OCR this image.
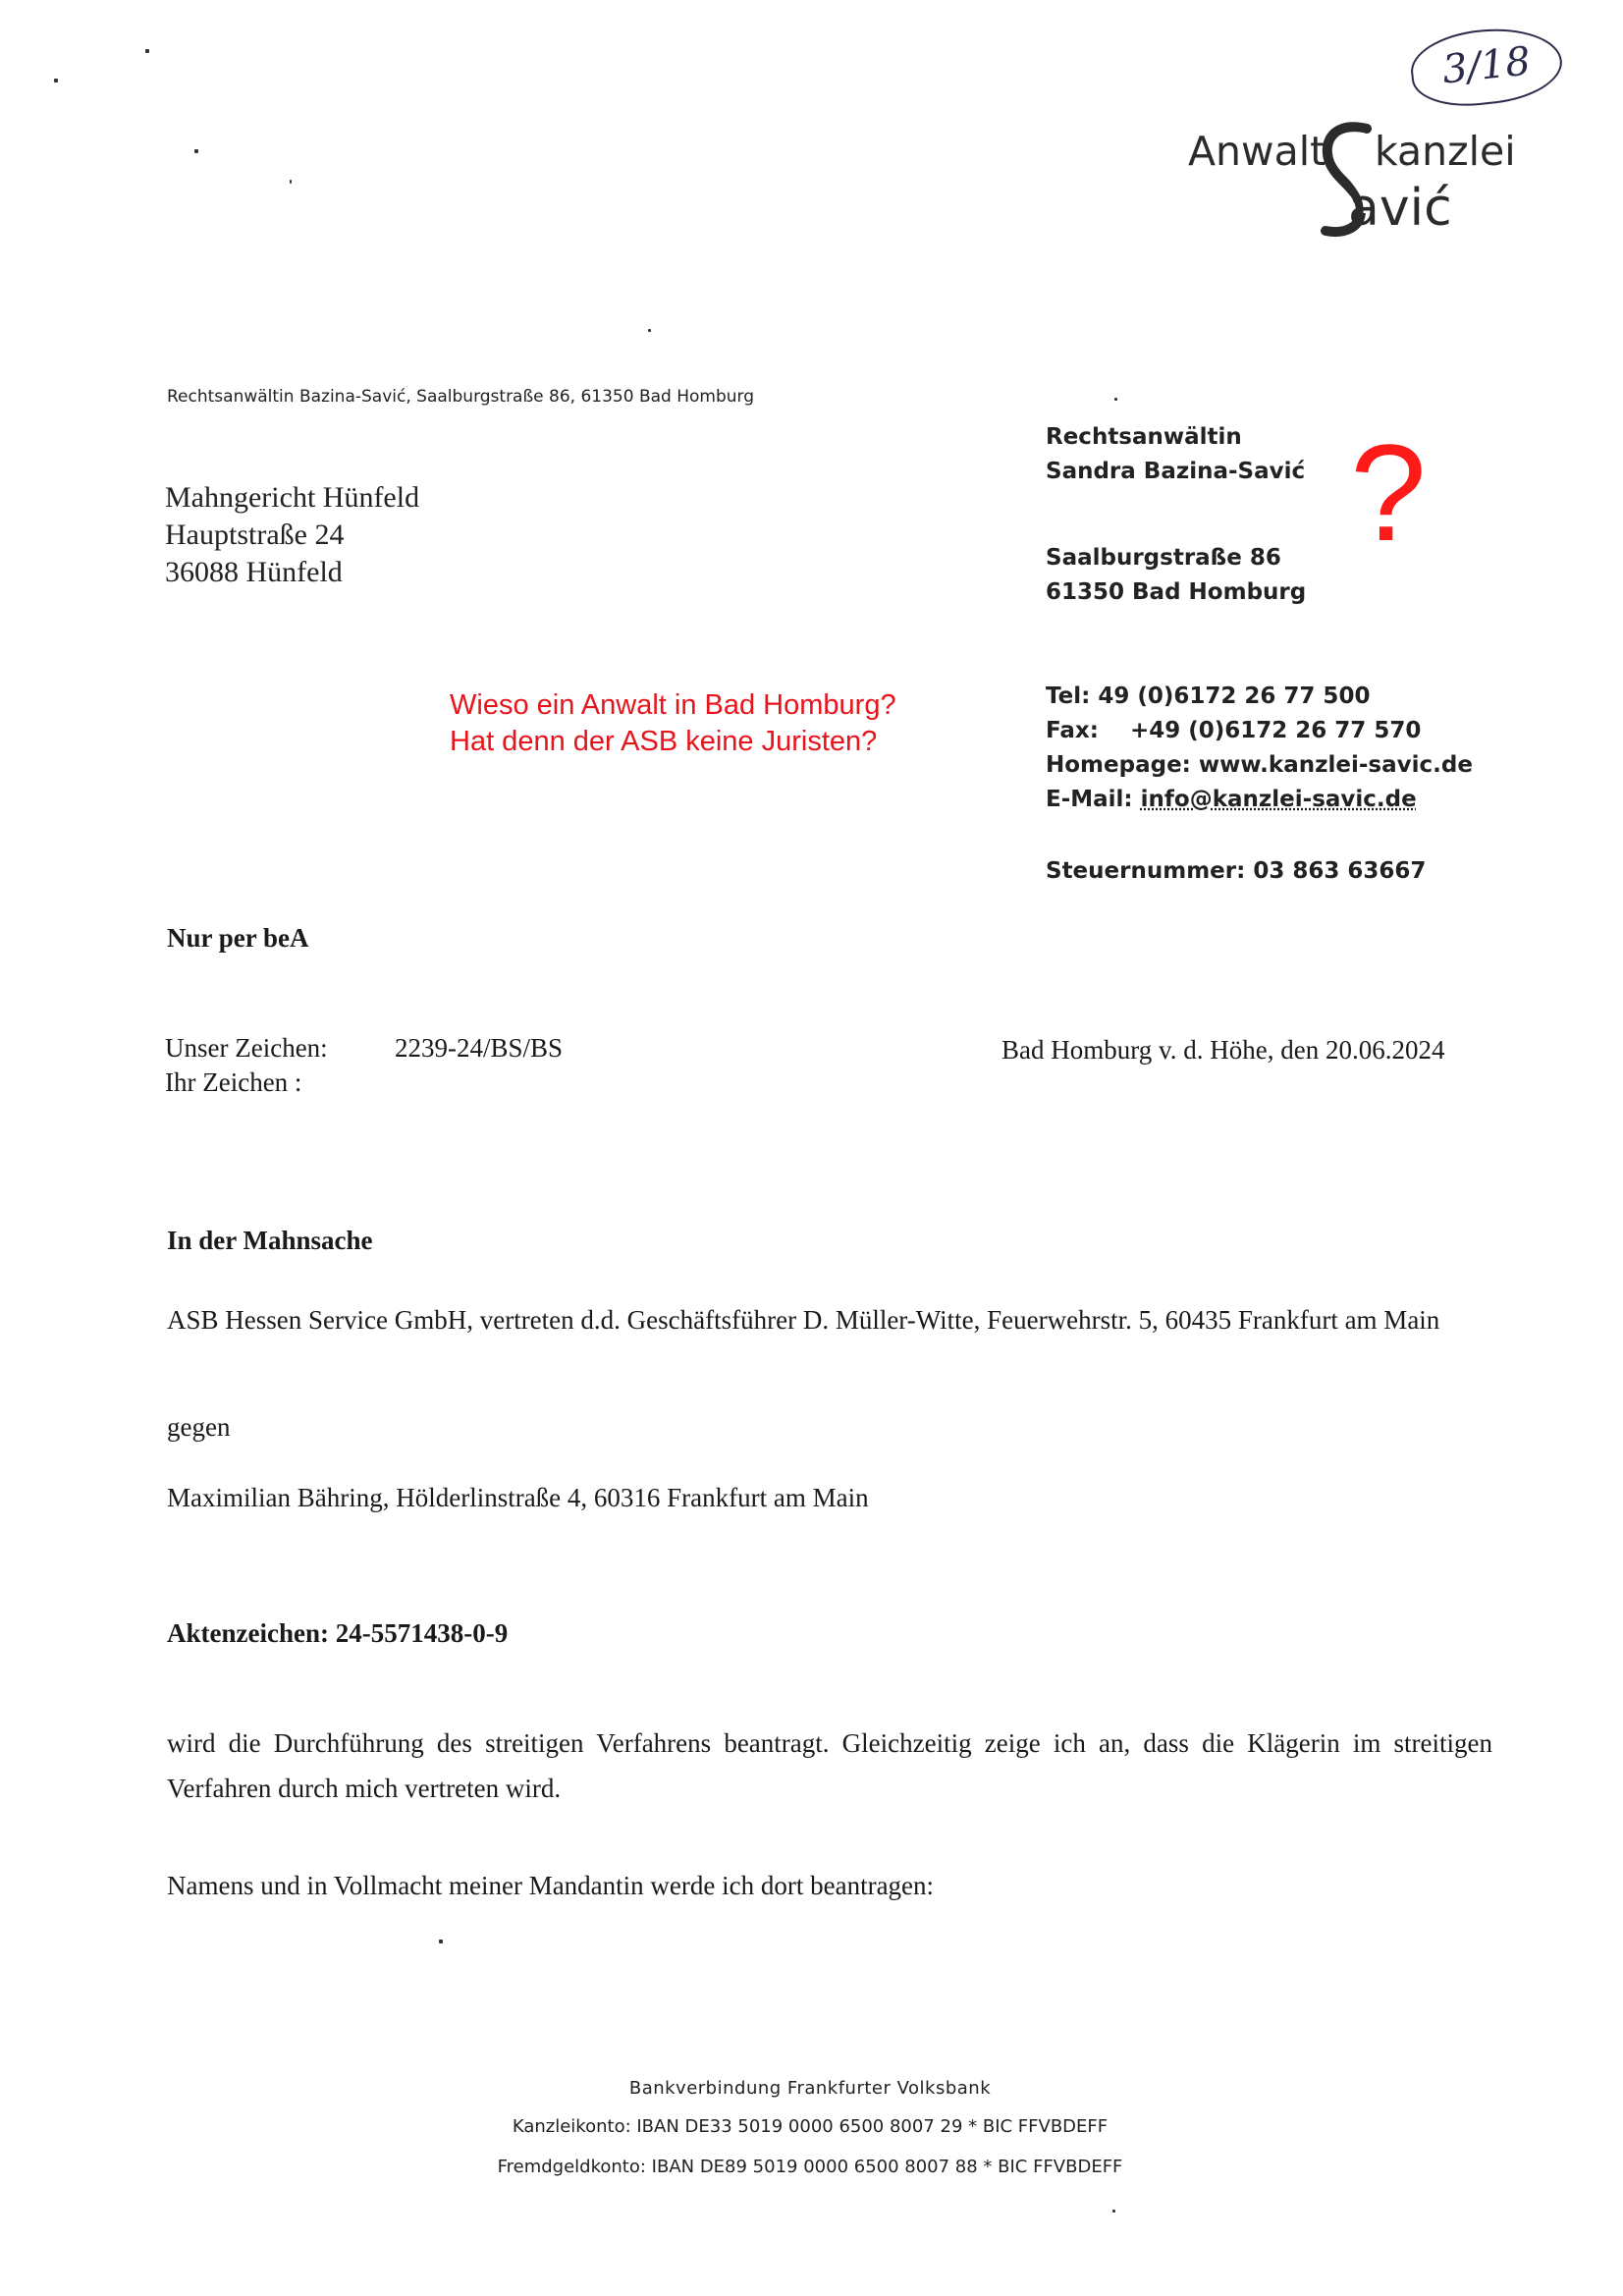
3/18
Anwalt kanzlei
avić
Rechtsanwältin Bazina-Savić, Saalburgstraße 86, 61350 Bad Homburg
Mahngericht Hünfeld
Hauptstraße 24
36088 Hünfeld
Rechtsanwältin
Sandra Bazina-Savić
Saalburgstraße 86
61350 Bad Homburg
Tel: 49 (0)6172 26 77 500
Fax: +49 (0)6172 26 77 570
Homepage: www.kanzlei-savic.de
E-Mail: info@kanzlei-savic.de
Steuernummer: 03 863 63667
?
Wieso ein Anwalt in Bad Homburg?
Hat denn der ASB keine Juristen?
Nur per beA
Unser Zeichen:	2239-24/BS/BS
Ihr Zeichen :
Bad Homburg v. d. Höhe, den 20.06.2024
In der Mahnsache
ASB Hessen Service GmbH, vertreten d.d. Geschäftsführer D. Müller-Witte, Feuerwehrstr. 5, 60435 Frankfurt am Main
gegen
Maximilian Bähring, Hölderlinstraße 4, 60316 Frankfurt am Main
Aktenzeichen: 24-5571438-0-9
wird die Durchführung des streitigen Verfahrens beantragt. Gleichzeitig zeige ich an, dass die Klägerin im streitigen Verfahren durch mich vertreten wird.
Namens und in Vollmacht meiner Mandantin werde ich dort beantragen:
Bankverbindung Frankfurter Volksbank
Kanzleikonto: IBAN DE33 5019 0000 6500 8007 29 * BIC FFVBDEFF
Fremdgeldkonto: IBAN DE89 5019 0000 6500 8007 88 * BIC FFVBDEFF
